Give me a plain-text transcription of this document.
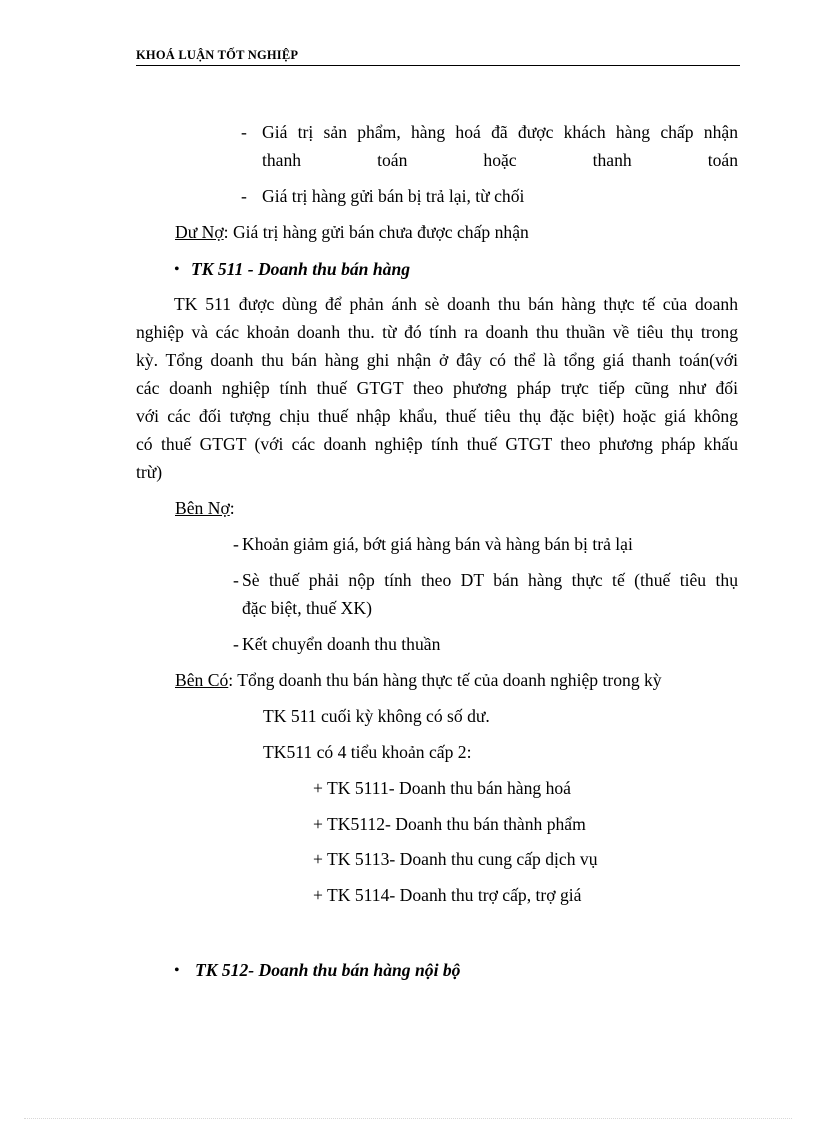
KHOÁ LUẬN TỐT NGHIỆP
- Giá trị sản phẩm, hàng hoá đã được khách hàng chấp nhận
thanh	toán	hoặc	thanh	toán
- Giá trị hàng gửi bán bị trả lại, từ chối
Dư Nợ: Giá trị hàng gửi bán chưa được chấp nhận
• TK 511 - Doanh thu bán hàng
TK 511 được dùng để phản ánh sè doanh thu bán hàng thực tế của doanh
nghiệp và các khoản doanh thu. từ đó tính ra doanh thu thuần về tiêu thụ trong
kỳ. Tổng doanh thu bán hàng ghi nhận ở đây có thể là tổng giá thanh toán(với
các doanh nghiệp tính thuế GTGT theo phương pháp trực tiếp cũng như đối
với các đối tượng chịu thuế nhập khẩu, thuế tiêu thụ đặc biệt) hoặc giá không
có thuế GTGT (với các doanh nghiệp tính thuế GTGT theo phương pháp khấu
trừ)
Bên Nợ:
- Khoản giảm giá, bớt giá hàng bán và hàng bán bị trả lại
- Sè thuế phải nộp tính theo DT bán hàng thực tế (thuế tiêu thụ
đặc biệt, thuế XK)
- Kết chuyển doanh thu thuần
Bên Có: Tổng doanh thu bán hàng thực tế của doanh nghiệp trong kỳ
TK 511 cuối kỳ không có số dư.
TK511 có 4 tiểu khoản cấp 2:
+ TK 5111- Doanh thu bán hàng hoá
+ TK5112- Doanh thu bán thành phẩm
+ TK 5113- Doanh thu cung cấp dịch vụ
+ TK 5114- Doanh thu trợ cấp, trợ giá
• TK 512- Doanh thu bán hàng nội bộ
